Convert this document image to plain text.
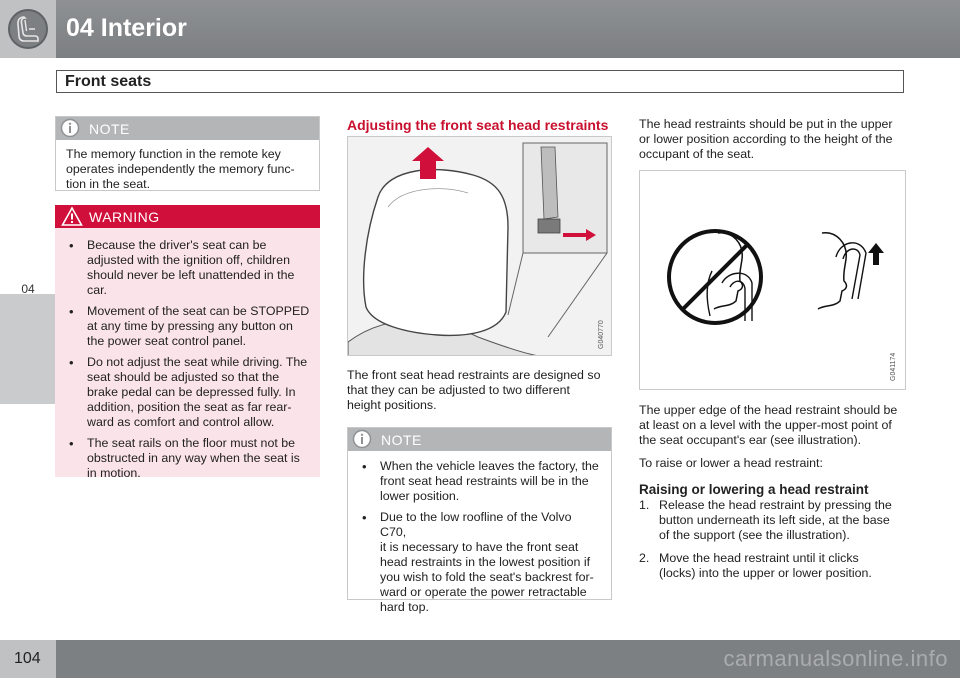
04 Interior
Front seats
04
NOTE
The memory function in the remote key
operates independently the memory func-
tion in the seat.
WARNING
• Because the driver's seat can be
adjusted with the ignition off, children
should never be left unattended in the
car.
• Movement of the seat can be STOPPED
at any time by pressing any button on
the power seat control panel.
• Do not adjust the seat while driving. The
seat should be adjusted so that the
brake pedal can be depressed fully. In
addition, position the seat as far rear-
ward as comfort and control allow.
• The seat rails on the floor must not be
obstructed in any way when the seat is
in motion.
Adjusting the front seat head restraints
G040770
The front seat head restraints are designed so
that they can be adjusted to two different
height positions.
NOTE
• When the vehicle leaves the factory, the
front seat head restraints will be in the
lower position.
• Due to the low roofline of the Volvo C70,
it is necessary to have the front seat
head restraints in the lowest position if
you wish to fold the seat's backrest for-
ward or operate the power retractable
hard top.
The head restraints should be put in the upper
or lower position according to the height of the
occupant of the seat.
G041174
The upper edge of the head restraint should be
at least on a level with the upper-most point of
the seat occupant's ear (see illustration).
To raise or lower a head restraint:
Raising or lowering a head restraint
1. Release the head restraint by pressing the
button underneath its left side, at the base
of the support (see the illustration).
2. Move the head restraint until it clicks
(locks) into the upper or lower position.
104	carmanualsonline.info
